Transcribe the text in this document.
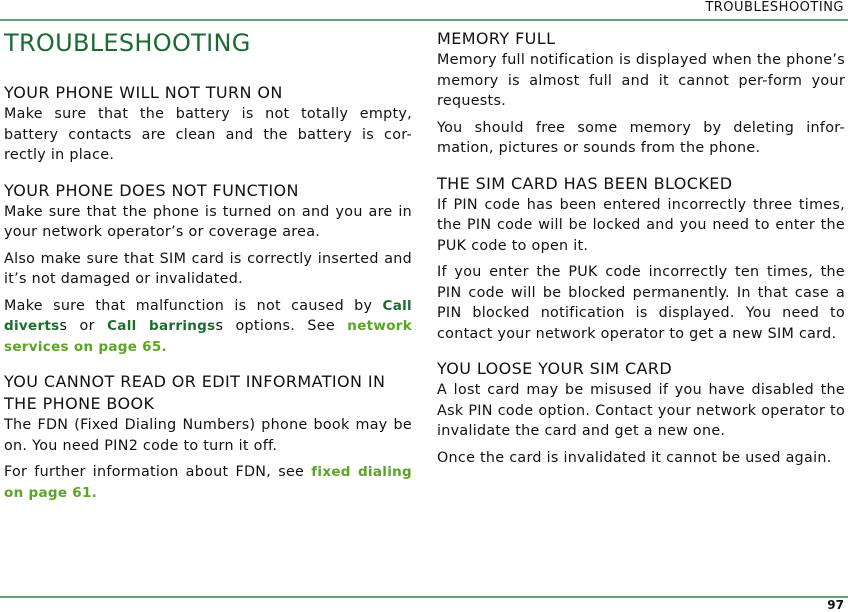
TROUBLESHOOTING
TROUBLESHOOTING
YOUR PHONE WILL NOT TURN ON

Make sure that the battery is not totally empty, battery contacts are clean and the battery is cor-rectly in place.

YOUR PHONE DOES NOT FUNCTION

Make sure that the phone is turned on and you are in your network operator’s or coverage area.

Also make sure that SIM card is correctly inserted and it’s not damaged or invalidated.

Make sure that malfunction is not caused by Call divertss or Call barringss options. See network services on page 65.

YOU CANNOT READ OR EDIT INFORMATION IN THE PHONE BOOK

The FDN (Fixed Dialing Numbers) phone book may be on. You need PIN2 code to turn it off.

For further information about FDN, see fixed dialing on page 61.

MEMORY FULL

Memory full notification is displayed when the phone’s memory is almost full and it cannot per-form your requests.

You should free some memory by deleting infor-mation, pictures or sounds from the phone.

THE SIM CARD HAS BEEN BLOCKED

If PIN code has been entered incorrectly three times, the PIN code will be locked and you need to enter the PUK code to open it.

If you enter the PUK code incorrectly ten times, the PIN code will be blocked permanently. In that case a PIN blocked notification is displayed. You need to contact your network operator to get a new SIM card.

YOU LOOSE YOUR SIM CARD

A lost card may be misused if you have disabled the Ask PIN code option. Contact your network operator to invalidate the card and get a new one.

Once the card is invalidated it cannot be used again.

97
